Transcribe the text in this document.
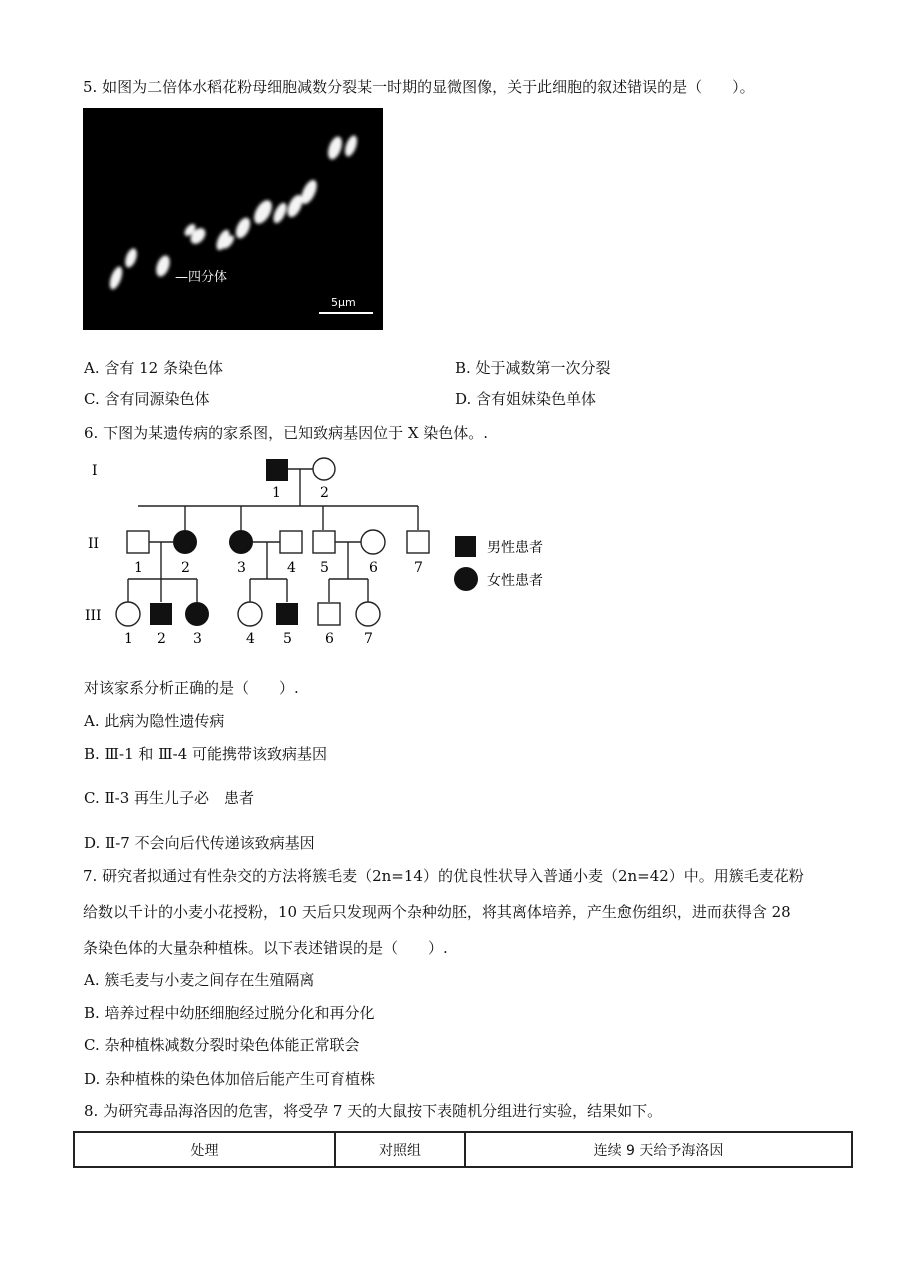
5. 如图为二倍体水稻花粉母细胞减数分裂某一时期的显微图像，关于此细胞的叙述错误的是（　　）。
—四分体
5μm
A. 含有 12 条染色体	B. 处于减数第一次分裂
C. 含有同源染色体	D. 含有姐妹染色单体
6. 下图为某遗传病的家系图，已知致病基因位于 X 染色体。.
I
II
III
1	2
1	2	3	4 5	6	7
1 2 3	4 5 6 7
男性患者
女性患者
对该家系分析正确的是（　　）.
A. 此病为隐性遗传病
B. Ⅲ-1 和 Ⅲ-4 可能携带该致病基因
C. Ⅱ-3 再生儿子必　患者
D. Ⅱ-7 不会向后代传递该致病基因
7. 研究者拟通过有性杂交的方法将簇毛麦（2n=14）的优良性状导入普通小麦（2n=42）中。用簇毛麦花粉
给数以千计的小麦小花授粉，10 天后只发现两个杂种幼胚，将其离体培养，产生愈伤组织，进而获得含 28
条染色体的大量杂种植株。以下表述错误的是（　　）.
A. 簇毛麦与小麦之间存在生殖隔离
B. 培养过程中幼胚细胞经过脱分化和再分化
C. 杂种植株减数分裂时染色体能正常联会
D. 杂种植株的染色体加倍后能产生可育植株
8. 为研究毒品海洛因的危害，将受孕 7 天的大鼠按下表随机分组进行实验，结果如下。
处理	对照组	连续 9 天给予海洛因
